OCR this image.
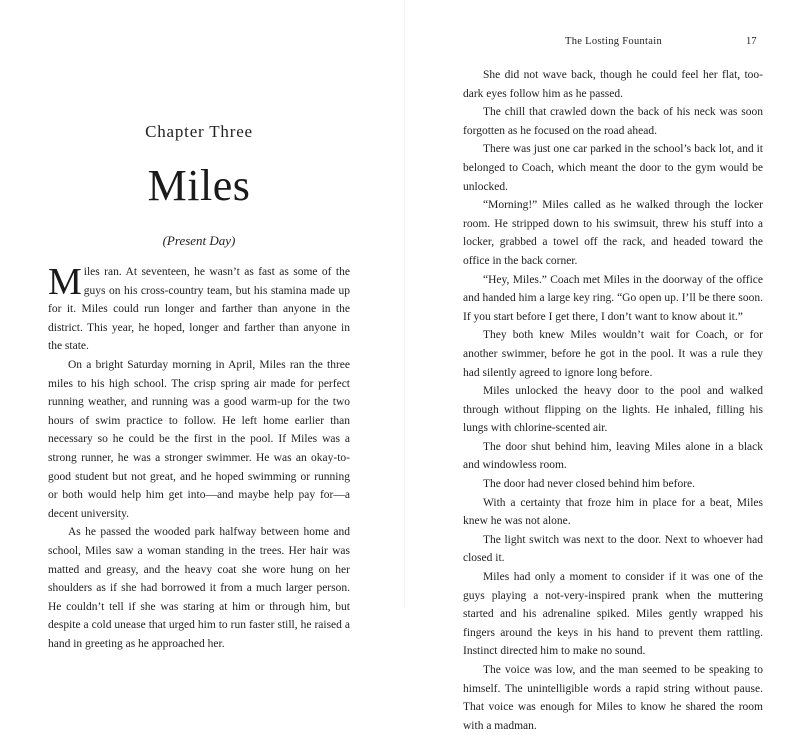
Chapter Three
Miles
(Present Day)

Miles ran. At seventeen, he wasn’t as fast as some of the guys on his cross-country team, but his stamina made up for it. Miles could run longer and farther than anyone in the district. This year, he hoped, longer and farther than anyone in the state.

On a bright Saturday morning in April, Miles ran the three miles to his high school. The crisp spring air made for perfect running weather, and running was a good warm-up for the two hours of swim practice to follow. He left home earlier than necessary so he could be the first in the pool. If Miles was a strong runner, he was a stronger swimmer. He was an okay-to-good student but not great, and he hoped swimming or running or both would help him get into—and maybe help pay for—a decent university.

As he passed the wooded park halfway between home and school, Miles saw a woman standing in the trees. Her hair was matted and greasy, and the heavy coat she wore hung on her shoulders as if she had borrowed it from a much larger person. He couldn’t tell if she was staring at him or through him, but despite a cold unease that urged him to run faster still, he raised a hand in greeting as he approached her.

The Losting Fountain	17

She did not wave back, though he could feel her flat, too-dark eyes follow him as he passed.

The chill that crawled down the back of his neck was soon forgotten as he focused on the road ahead.

There was just one car parked in the school’s back lot, and it belonged to Coach, which meant the door to the gym would be unlocked.

“Morning!” Miles called as he walked through the locker room. He stripped down to his swimsuit, threw his stuff into a locker, grabbed a towel off the rack, and headed toward the office in the back corner.

“Hey, Miles.” Coach met Miles in the doorway of the office and handed him a large key ring. “Go open up. I’ll be there soon. If you start before I get there, I don’t want to know about it.”

They both knew Miles wouldn’t wait for Coach, or for another swimmer, before he got in the pool. It was a rule they had silently agreed to ignore long before.

Miles unlocked the heavy door to the pool and walked through without flipping on the lights. He inhaled, filling his lungs with chlorine-scented air.

The door shut behind him, leaving Miles alone in a black and windowless room.

The door had never closed behind him before.

With a certainty that froze him in place for a beat, Miles knew he was not alone.

The light switch was next to the door. Next to whoever had closed it.

Miles had only a moment to consider if it was one of the guys playing a not-very-inspired prank when the muttering started and his adrenaline spiked. Miles gently wrapped his fingers around the keys in his hand to prevent them rattling. Instinct directed him to make no sound.

The voice was low, and the man seemed to be speaking to himself. The unintelligible words a rapid string without pause. That voice was enough for Miles to know he shared the room with a madman.
